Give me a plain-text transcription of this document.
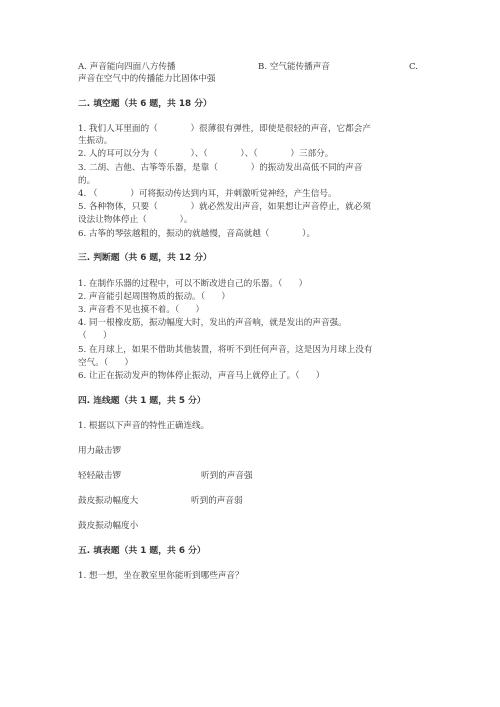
A. 声音能向四面八方传播	B. 空气能传播声音	C.
声音在空气中的传播能力比固体中强
二. 填空题（共 6 题，共 18 分）
1. 我们人耳里面的（            ）很薄很有弹性，即使是很轻的声音，它都会产
生振动。
2. 人的耳可以分为（            ）、（            ）、（            ）三部分。
3. 二胡、吉他、古筝等乐器，是靠（            ）的振动发出高低不同的声音
的。
4. （            ）可将振动传达到内耳，并刺激听觉神经，产生信号。
5. 各种物体，只要（            ）就必然发出声音，如果想让声音停止，就必须
设法让物体停止（            ）。
6. 古筝的琴弦越粗的，振动的就越慢，音高就越（            ）。
三. 判断题（共 6 题，共 12 分）
1. 在制作乐器的过程中，可以不断改进自己的乐器。（      ）
2. 声音能引起周围物质的振动。（      ）
3. 声音看不见也摸不着。（      ）
4. 同一根橡皮筋，振动幅度大时，发出的声音响，就是发出的声音强。
（      ）
5. 在月球上，如果不借助其他装置，将听不到任何声音，这是因为月球上没有
空气。（      ）
6. 让正在振动发声的物体停止振动，声音马上就停止了。（      ）
四. 连线题（共 1 题，共 5 分）
1. 根据以下声音的特性正确连线。
用力敲击锣
轻轻敲击锣	听到的声音强
鼓皮振动幅度大	听到的声音弱
鼓皮振动幅度小
五. 填表题（共 1 题，共 6 分）
1. 想一想，坐在教室里你能听到哪些声音？
